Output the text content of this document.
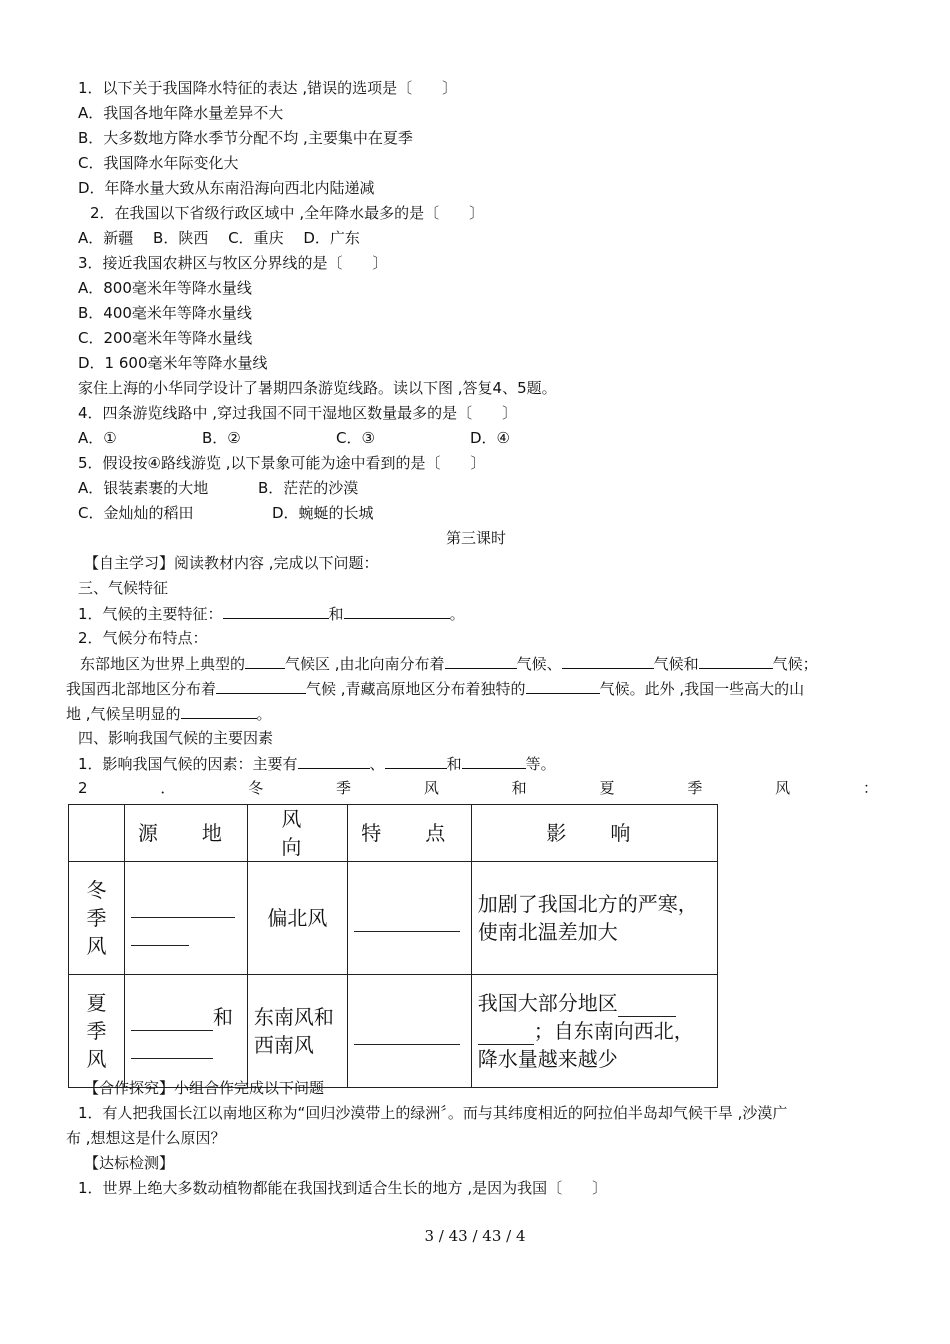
1．以下关于我国降水特征的表达 ,错误的选项是〔　　〕
A．我国各地年降水量差异不大
B．大多数地方降水季节分配不均 ,主要集中在夏季
C．我国降水年际变化大
D．年降水量大致从东南沿海向西北内陆递减
2．在我国以下省级行政区域中 ,全年降水最多的是〔　　〕
A．新疆　 B．陕西　 C．重庆　 D．广东
3．接近我国农耕区与牧区分界线的是〔　　〕
A．800毫米年等降水量线
B．400毫米年等降水量线
C．200毫米年等降水量线
D．1 600毫米年等降水量线
家住上海的小华同学设计了暑期四条游览线路。读以下图 ,答复4、5题。
4．四条游览线路中 ,穿过我国不同干湿地区数量最多的是〔　　〕
A．①	B．②	C．③	D．④
5．假设按④路线游览 ,以下景象可能为途中看到的是〔　　〕
A．银装素裹的大地	B．茫茫的沙漠
C．金灿灿的稻田	D．蜿蜒的长城
第三课时
【自主学习】阅读教材内容 ,完成以下问题：
三、气候特征
1．气候的主要特征：	和	。
2．气候分布特点：
东部地区为世界上典型的	气候区 ,由北向南分布着	气候、	气候和	气候；
我国西北部地区分布着	气候 ,青藏高原地区分布着独特的	气候。此外 ,我国一些高大的山
地 ,气候呈明显的	。
四、影响我国气候的主要因素
1．影响我国气候的因素：主要有	、	和	等。
2	．	冬	季	风	和	夏	季	风	：
	源　地	风　向	特　点	影　响
冬季风		偏北风		加剧了我国北方的严寒，使南北温差加大
夏季风	和	东南风和西南风		我国大部分地区；自东南向西北，降水量越来越少
【合作探究】小组合作完成以下问题
1．有人把我国长江以南地区称为“回归沙漠带上的绿洲〞。而与其纬度相近的阿拉伯半岛却气候干旱 ,沙漠广
布 ,想想这是什么原因？
【达标检测】
1．世界上绝大多数动植物都能在我国找到适合生长的地方 ,是因为我国〔　　〕
3 / 43 / 43 / 4
